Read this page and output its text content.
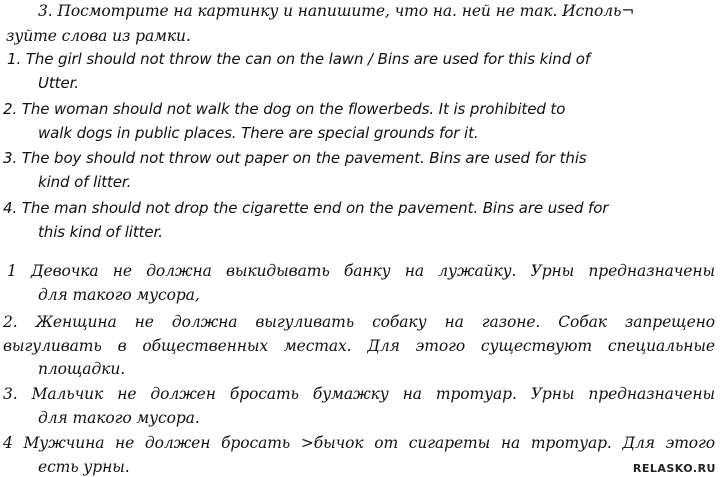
3. Посмотрите на картинку и напишите, что на. ней не так. Исполь¬
зуйте слова из рамки.
1. The girl should not throw the can on the lawn / Bins are used for this kind of
Utter.
2. The woman should not walk the dog on the flowerbeds. It is prohibited to
walk dogs in public places. There are special grounds for it.
3. The boy should not throw out paper on the pavement. Bins are used for this
kind of litter.
4. The man should not drop the cigarette end on the pavement. Bins are used for
this kind of litter.
1 Девочка не должна выкидывать банку на лужайку. Урны предназначены
для такого мусора,
2. Женщина не должна выгуливать собаку на газоне. Собак запрещено
выгуливать в общественных местах. Для этого существуют специальные
площадки.
3. Мальчик не должен бросать бумажку на тротуар. Урны предназначены
для такого мусора.
4 Мужчина не должен бросать >бычок от сигареты на тротуар. Для этого
есть урны.	RELASKO.RU
